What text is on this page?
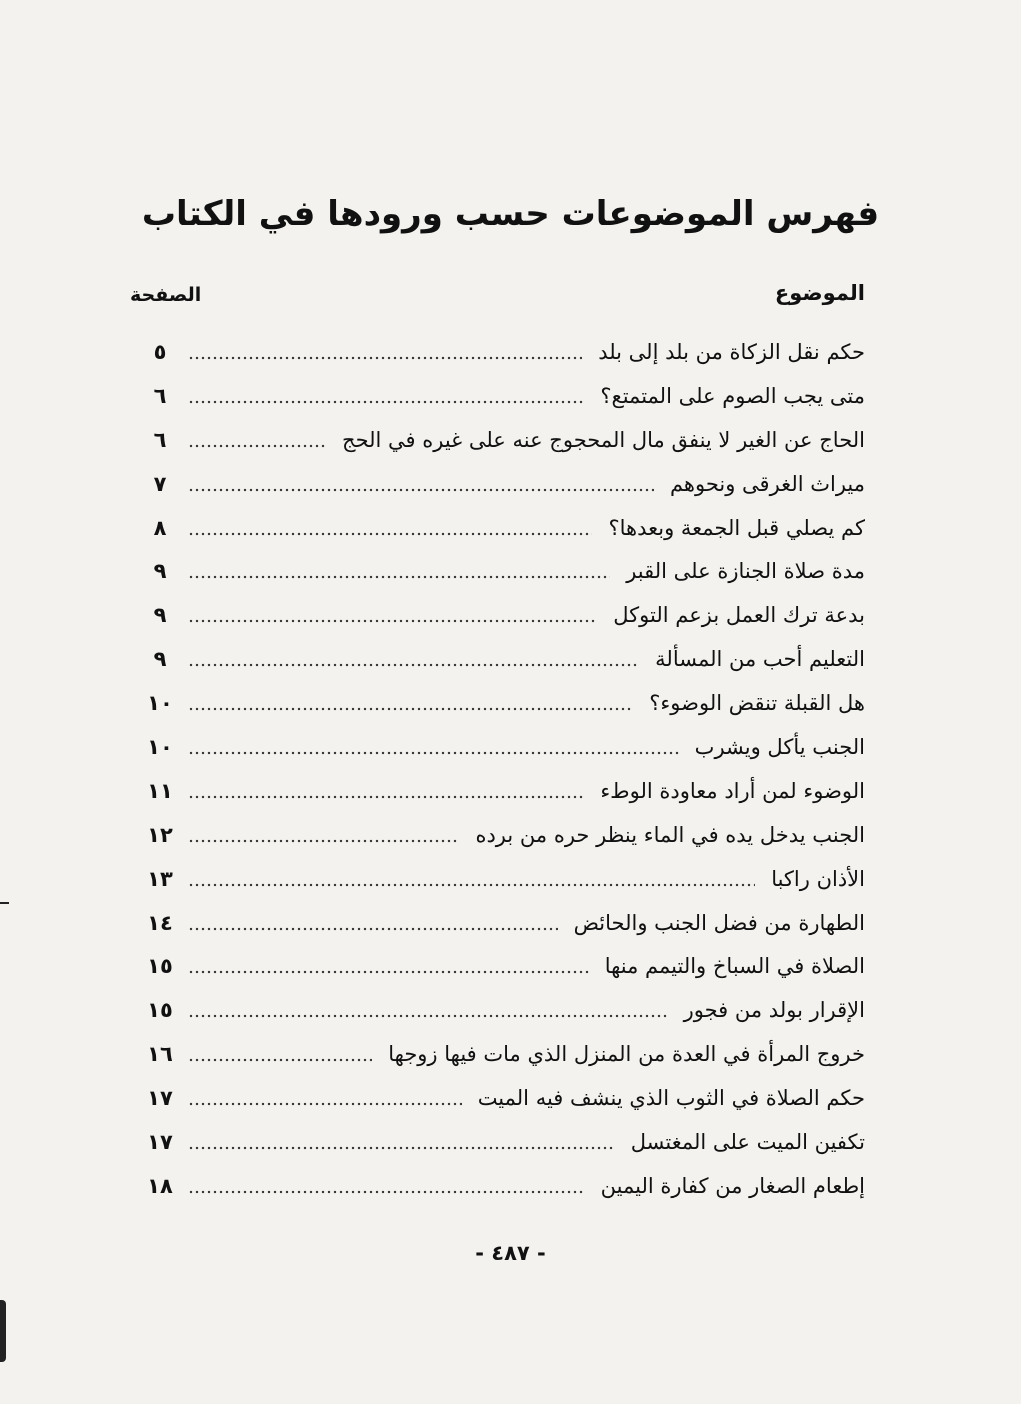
فهرس الموضوعات حسب ورودها في الكتاب
الموضوع
الصفحة
حكم نقل الزكاة من بلد إلى بلد
٥
متى يجب الصوم على المتمتع؟
٦
الحاج عن الغير لا ينفق مال المحجوج عنه على غيره في الحج
٦
ميراث الغرقى ونحوهم
٧
كم يصلي قبل الجمعة وبعدها؟
٨
مدة صلاة الجنازة على القبر
٩
بدعة ترك العمل بزعم التوكل
٩
التعليم أحب من المسألة
٩
هل القبلة تنقض الوضوء؟
١٠
الجنب يأكل ويشرب
١٠
الوضوء لمن أراد معاودة الوطء
١١
الجنب يدخل يده في الماء ينظر حره من برده
١٢
الأذان راكبا
١٣
الطهارة من فضل الجنب والحائض
١٤
الصلاة في السباخ والتيمم منها
١٥
الإقرار بولد من فجور
١٥
خروج المرأة في العدة من المنزل الذي مات فيها زوجها
١٦
حكم الصلاة في الثوب الذي ينشف فيه الميت
١٧
تكفين الميت على المغتسل
١٧
إطعام الصغار من كفارة اليمين
١٨
- ٤٨٧ -
